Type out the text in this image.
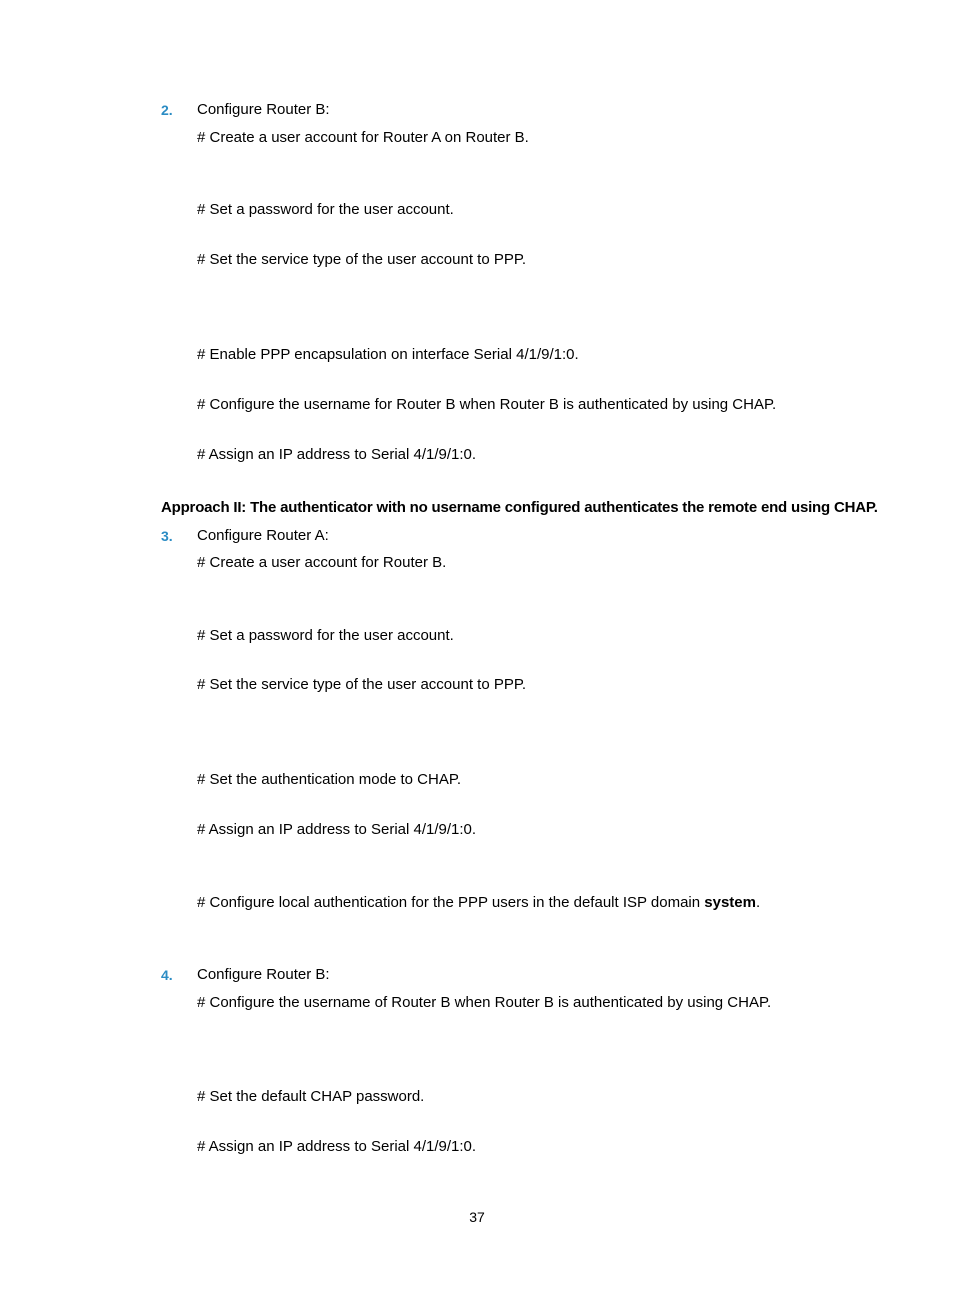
2. Configure Router B:
# Create a user account for Router A on Router B.
# Set a password for the user account.
# Set the service type of the user account to PPP.
# Enable PPP encapsulation on interface Serial 4/1/9/1:0.
# Configure the username for Router B when Router B is authenticated by using CHAP.
# Assign an IP address to Serial 4/1/9/1:0.
Approach II: The authenticator with no username configured authenticates the remote end using CHAP.
3. Configure Router A:
# Create a user account for Router B.
# Set a password for the user account.
# Set the service type of the user account to PPP.
# Set the authentication mode to CHAP.
# Assign an IP address to Serial 4/1/9/1:0.
# Configure local authentication for the PPP users in the default ISP domain system.
4. Configure Router B:
# Configure the username of Router B when Router B is authenticated by using CHAP.
# Set the default CHAP password.
# Assign an IP address to Serial 4/1/9/1:0.
37
